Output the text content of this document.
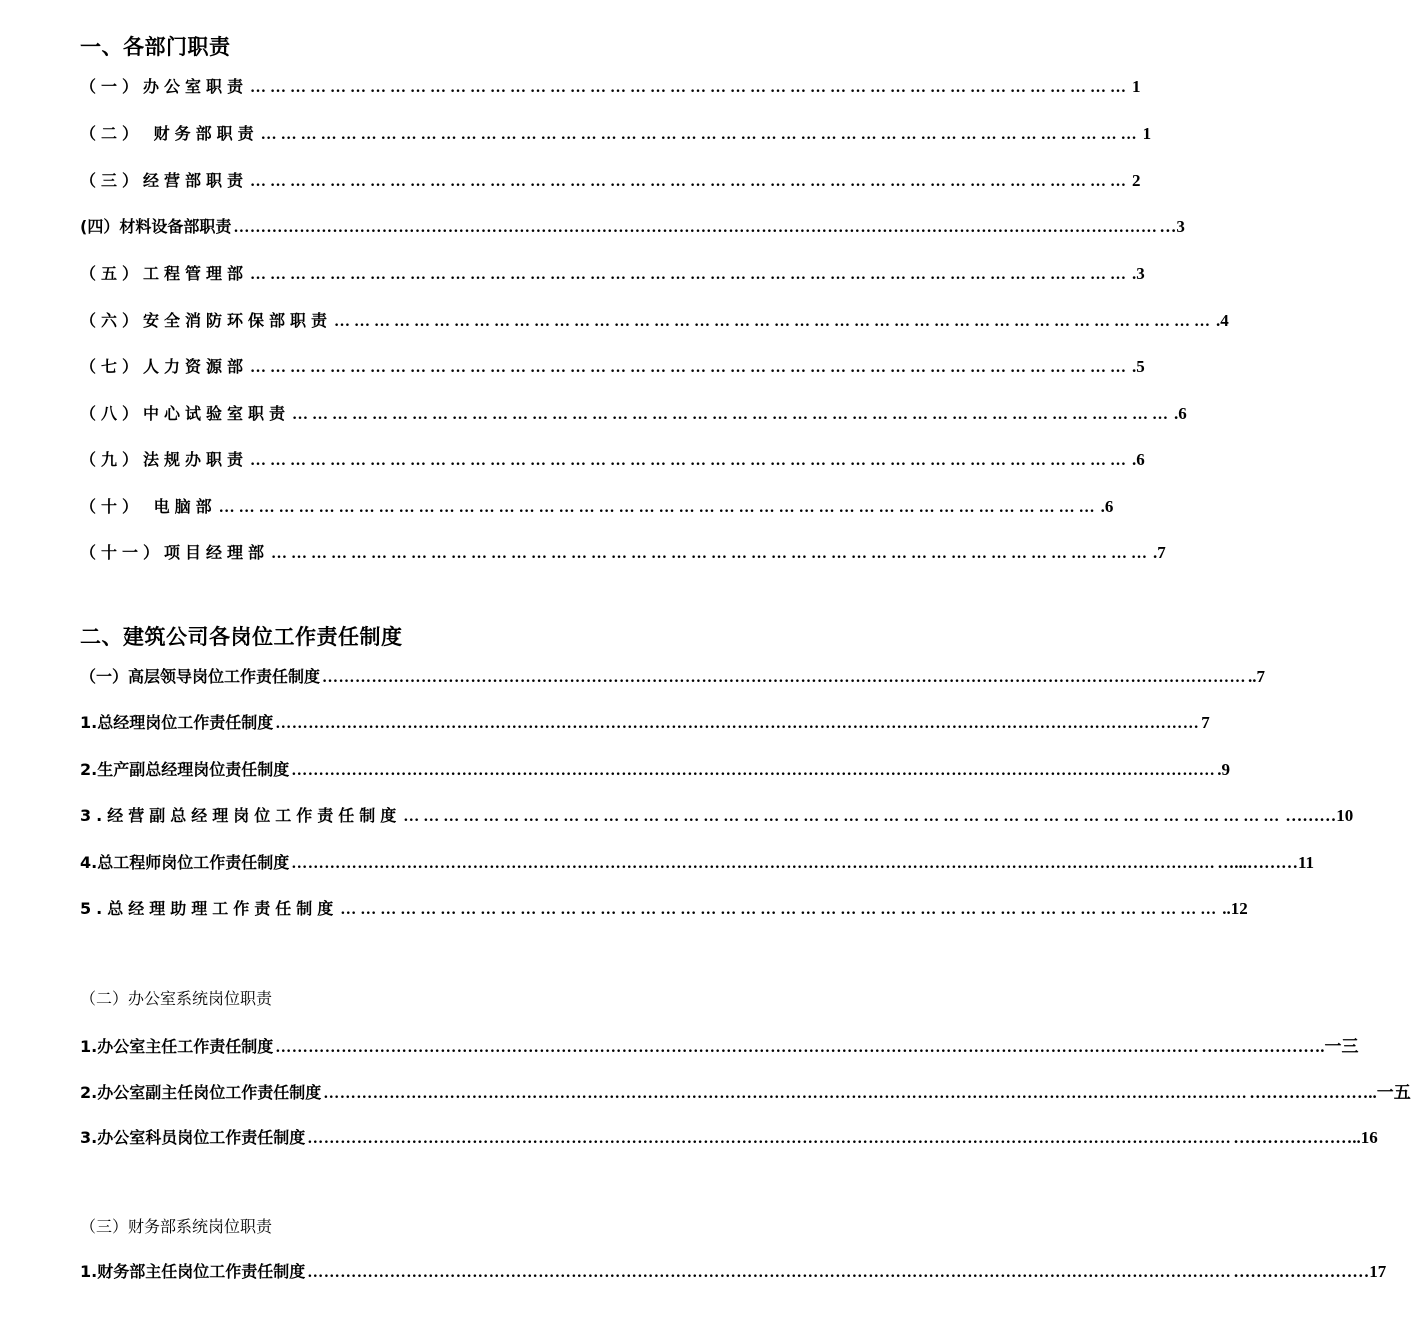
一、各部门职责
（一）办公室职责 …………………………………………………………………………………………………………………… 1
（二） 财务部职责 …………………………………………………………………………………………………………………… 1
（三）经营部职责 …………………………………………………………………………………………………………………… 2
(四）材料设备部职责 …………………………………………………………………………………………………………………………………………………… …3
（五）工程管理部 …………………………………………………………………………………………………………………… .3
（六）安全消防环保部职责 …………………………………………………………………………………………………………………… .4
（七）人力资源部 …………………………………………………………………………………………………………………… .5
（八）中心试验室职责 …………………………………………………………………………………………………………………… .6
（九）法规办职责 …………………………………………………………………………………………………………………… .6
（十） 电脑部 …………………………………………………………………………………………………………………… .6
（十一）项目经理部 …………………………………………………………………………………………………………………… .7
二、建筑公司各岗位工作责任制度
（一）高层领导岗位工作责任制度 …………………………………………………………………………………………………………………………………………………… ..7
1.总经理岗位工作责任制度 …………………………………………………………………………………………………………………………………………………… 7
2.生产副总经理岗位责任制度 …………………………………………………………………………………………………………………………………………………… .9
3.经营副总经理岗位工作责任制度 …………………………………………………………………………………………………………………… ………10
4.总工程师岗位工作责任制度 …………………………………………………………………………………………………………………………………………………… …...………11
5.总经理助理工作责任制度 …………………………………………………………………………………………………………………… ..12
（二）办公室系统岗位职责
1.办公室主任工作责任制度 …………………………………………………………………………………………………………………………………………………… ………………….一三
2.办公室副主任岗位工作责任制度 …………………………………………………………………………………………………………………………………………………… …………………..一五
3.办公室科员岗位工作责任制度 …………………………………………………………………………………………………………………………………………………… …………………..16
（三）财务部系统岗位职责
1.财务部主任岗位工作责任制度 …………………………………………………………………………………………………………………………………………………… ……………………17
